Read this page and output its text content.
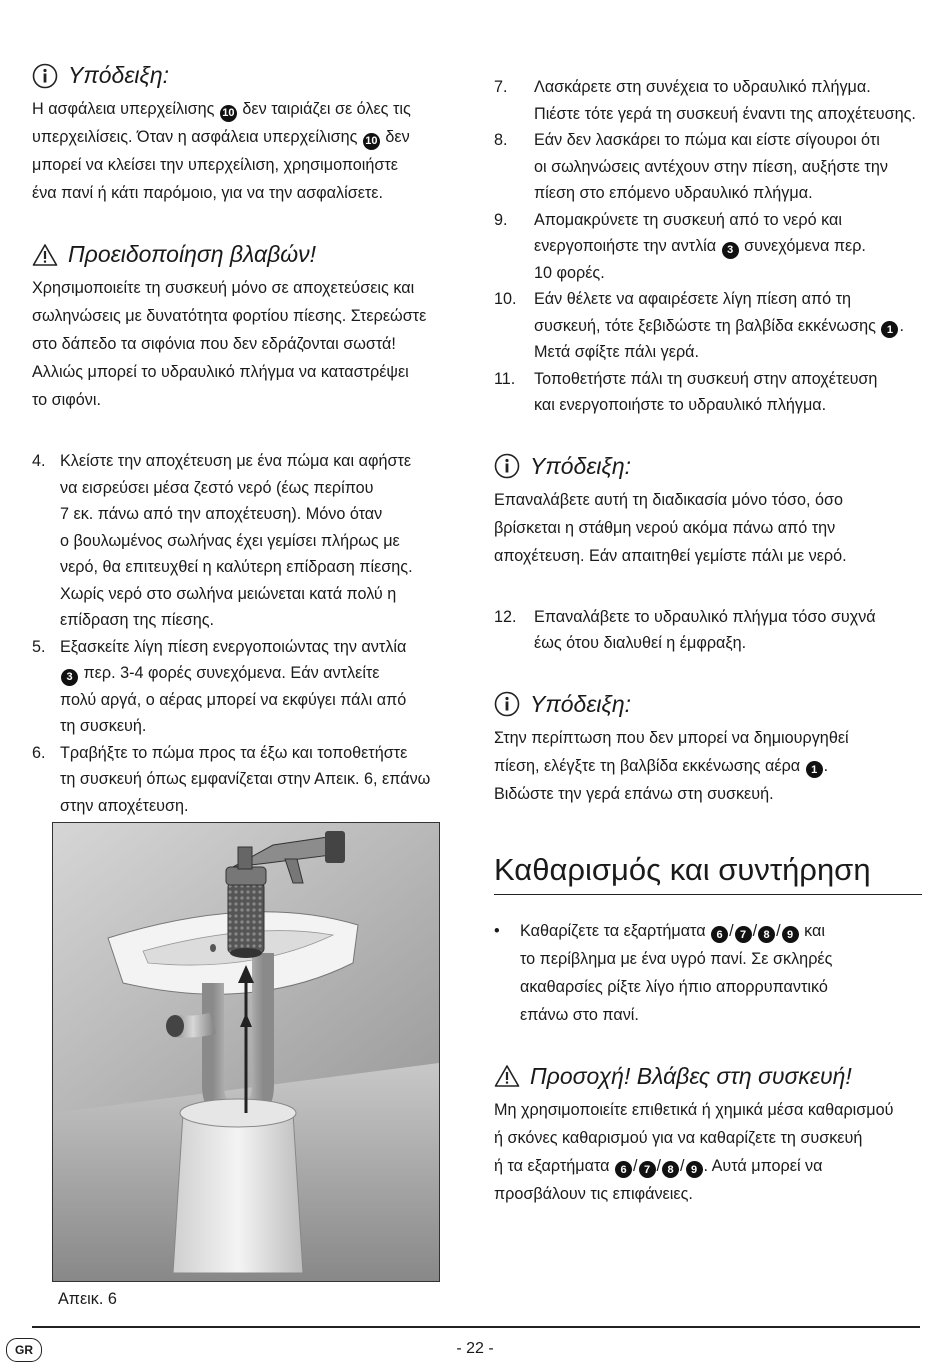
Υπόδειξη:

Η ασφάλεια υπερχείλισης 10 δεν ταιριάζει σε όλες τις

υπερχειλίσεις. Όταν η ασφάλεια υπερχείλισης 10 δεν

μπορεί να κλείσει την υπερχείλιση, χρησιμοποιήστε

ένα πανί ή κάτι παρόμοιο, για να την ασφαλίσετε.

Προειδοποίηση βλαβών!

Χρησιμοποιείτε τη συσκευή μόνο σε αποχετεύσεις και

σωληνώσεις με δυνατότητα φορτίου πίεσης. Στερεώστε

στο δάπεδο τα σιφόνια που δεν εδράζονται σωστά!

Αλλιώς μπορεί το υδραυλικό πλήγμα να καταστρέψει

το σιφόνι.

4. Κλείστε την αποχέτευση με ένα πώμα και αφήστε
να εισρεύσει μέσα ζεστό νερό (έως περίπου
7 εκ. πάνω από την αποχέτευση). Μόνο όταν
ο βουλωμένος σωλήνας έχει γεμίσει πλήρως με
νερό, θα επιτευχθεί η καλύτερη επίδραση πίεσης.
Χωρίς νερό στο σωλήνα μειώνεται κατά πολύ η
επίδραση της πίεσης.
5. Εξασκείτε λίγη πίεση ενεργοποιώντας την αντλία
3 περ. 3-4 φορές συνεχόμενα. Εάν αντλείτε
πολύ αργά, ο αέρας μπορεί να εκφύγει πάλι από
τη συσκευή.
6. Τραβήξτε το πώμα προς τα έξω και τοποθετήστε
τη συσκευή όπως εμφανίζεται στην Απεικ. 6, επάνω
στην αποχέτευση.
Απεικ. 6
7.	Λασκάρετε στη συνέχεια το υδραυλικό πλήγμα.
Πιέστε τότε γερά τη συσκευή έναντι της αποχέτευσης.
8.	Εάν δεν λασκάρει το πώμα και είστε σίγουροι ότι
οι σωληνώσεις αντέχουν στην πίεση, αυξήστε την
πίεση στο επόμενο υδραυλικό πλήγμα.
9.	Απομακρύνετε τη συσκευή από το νερό και
ενεργοποιήστε την αντλία 3 συνεχόμενα περ.
10 φορές.
10.	Εάν θέλετε να αφαιρέσετε λίγη πίεση από τη
συσκευή, τότε ξεβιδώστε τη βαλβίδα εκκένωσης 1 .
Μετά σφίξτε πάλι γερά.
11.	Τοποθετήστε πάλι τη συσκευή στην αποχέτευση
και ενεργοποιήστε το υδραυλικό πλήγμα.
Υπόδειξη:

Επαναλάβετε αυτή τη διαδικασία μόνο τόσο, όσο

βρίσκεται η στάθμη νερού ακόμα πάνω από την

αποχέτευση. Εάν απαιτηθεί γεμίστε πάλι με νερό.

12.	Επαναλάβετε το υδραυλικό πλήγμα τόσο συχνά
έως ότου διαλυθεί η έμφραξη.
Υπόδειξη:

Στην περίπτωση που δεν μπορεί να δημιουργηθεί

πίεση, ελέγξτε τη βαλβίδα εκκένωσης αέρα 1 .

Βιδώστε την γερά επάνω στη συσκευή.

Καθαρισμός και συντήρηση
•	Καθαρίζετε τα εξαρτήματα 6 / 7 / 8 / 9 και

το περίβλημα με ένα υγρό πανί. Σε σκληρές

ακαθαρσίες ρίξτε λίγο ήπιο απορρυπαντικό

επάνω στο πανί.

Προσοχή! Βλάβες στη συσκευή!

Μη χρησιμοποιείτε επιθετικά ή χημικά μέσα καθαρισμού

ή σκόνες καθαρισμού για να καθαρίζετε τη συσκευή

ή τα εξαρτήματα 6 / 7 / 8 / 9 . Αυτά μπορεί να

προσβάλουν τις επιφάνειες.

GR	- 22 -
